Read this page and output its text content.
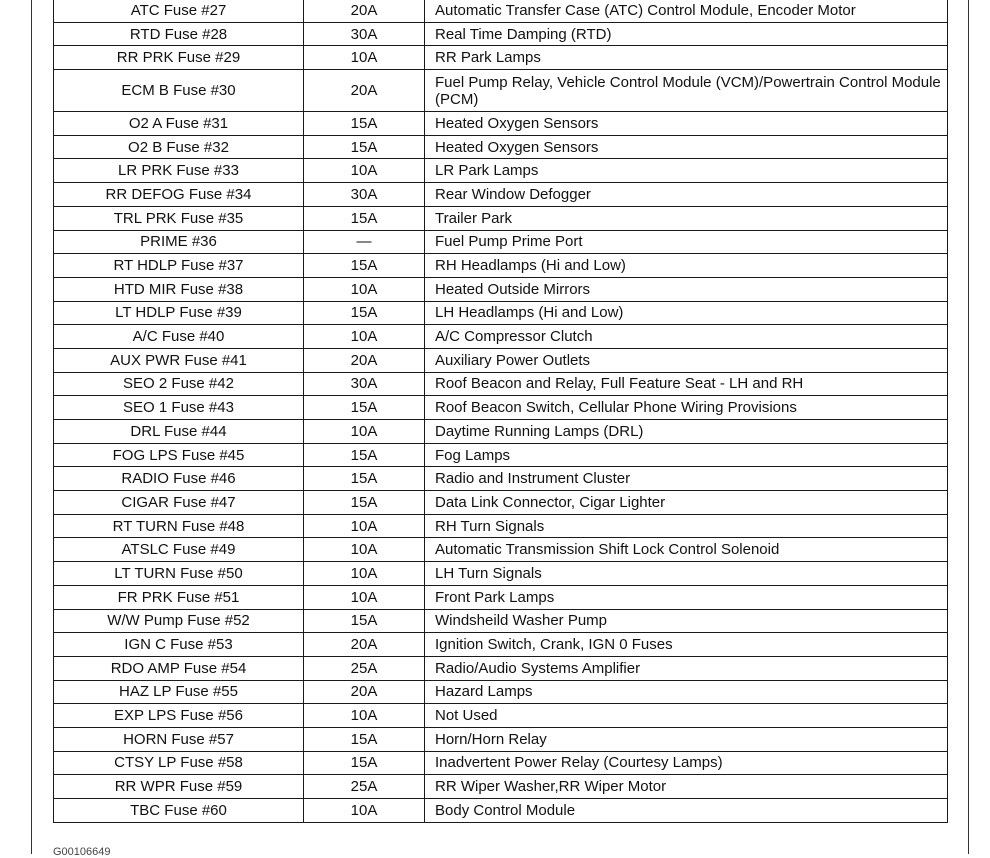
ATC Fuse #27	20A	Automatic Transfer Case (ATC) Control Module, Encoder Motor
RTD Fuse #28	30A	Real Time Damping (RTD)
RR PRK Fuse #29	10A	RR Park Lamps
ECM B Fuse #30	20A	Fuel Pump Relay, Vehicle Control Module (VCM)/Powertrain Control Module (PCM)
O2 A Fuse #31	15A	Heated Oxygen Sensors
O2 B Fuse #32	15A	Heated Oxygen Sensors
LR PRK Fuse #33	10A	LR Park Lamps
RR DEFOG Fuse #34	30A	Rear Window Defogger
TRL PRK Fuse #35	15A	Trailer Park
PRIME #36	—	Fuel Pump Prime Port
RT HDLP Fuse #37	15A	RH Headlamps (Hi and Low)
HTD MIR Fuse #38	10A	Heated Outside Mirrors
LT HDLP Fuse #39	15A	LH Headlamps (Hi and Low)
A/C Fuse #40	10A	A/C Compressor Clutch
AUX PWR Fuse #41	20A	Auxiliary Power Outlets
SEO 2 Fuse #42	30A	Roof Beacon and Relay, Full Feature Seat - LH and RH
SEO 1 Fuse #43	15A	Roof Beacon Switch, Cellular Phone Wiring Provisions
DRL Fuse #44	10A	Daytime Running Lamps (DRL)
FOG LPS Fuse #45	15A	Fog Lamps
RADIO Fuse #46	15A	Radio and Instrument Cluster
CIGAR Fuse #47	15A	Data Link Connector, Cigar Lighter
RT TURN Fuse #48	10A	RH Turn Signals
ATSLC Fuse #49	10A	Automatic Transmission Shift Lock Control Solenoid
LT TURN Fuse #50	10A	LH Turn Signals
FR PRK Fuse #51	10A	Front Park Lamps
W/W Pump Fuse #52	15A	Windsheild Washer Pump
IGN C Fuse #53	20A	Ignition Switch, Crank, IGN 0 Fuses
RDO AMP Fuse #54	25A	Radio/Audio Systems Amplifier
HAZ LP Fuse #55	20A	Hazard Lamps
EXP LPS Fuse #56	10A	Not Used
HORN Fuse #57	15A	Horn/Horn Relay
CTSY LP Fuse #58	15A	Inadvertent Power Relay (Courtesy Lamps)
RR WPR Fuse #59	25A	RR Wiper Washer,RR Wiper Motor
TBC Fuse #60	10A	Body Control Module
G00106649
